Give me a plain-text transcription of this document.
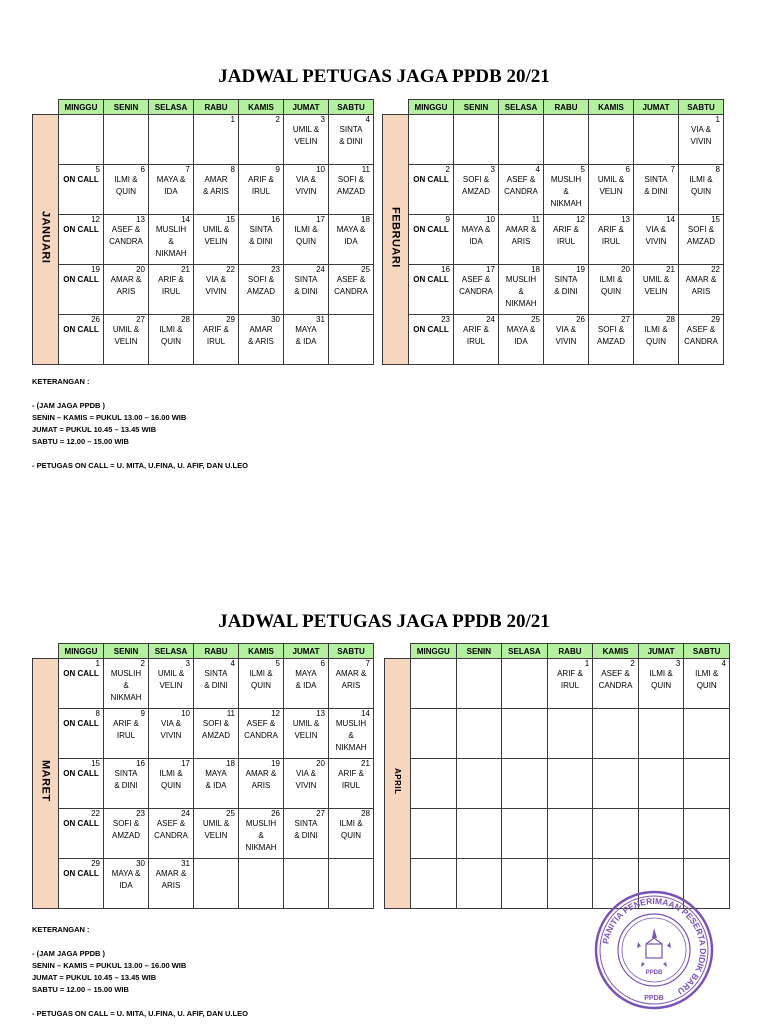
JADWAL PETUGAS JAGA PPDB 20/21
	MINGGU	SENIN	SELASA	RABU	KAMIS	JUMAT	SABTU
JANUARI				1	2	3
UMIL &
VELIN	4
SINTA
& DINI

	5
ON CALL	6
ILMI &
QUIN	7
MAYA &
IDA	8
AMAR
& ARIS	9
ARIF &
IRUL	10
VIA &
VIVIN	11
SOFI &
AMZAD

	12
ON CALL	13
ASEF &
CANDRA	14
MUSLIH
&
NIKMAH	15
UMIL &
VELIN	16
SINTA
& DINI	17
ILMI &
QUIN	18
MAYA &
IDA

	19
ON CALL	20
AMAR &
ARIS	21
ARIF &
IRUL	22
VIA &
VIVIN	23
SOFI &
AMZAD	24
SINTA
& DINI	25
ASEF &
CANDRA

	26
ON CALL	27
UMIL &
VELIN	28
ILMI &
QUIN	29
ARIF &
IRUL	30
AMAR
& ARIS	31
MAYA
& IDA	

	MINGGU	SENIN	SELASA	RABU	KAMIS	JUMAT	SABTU
FEBRUARI							1
VIA &
VIVIN

	2
ON CALL	3
SOFI &
AMZAD	4
ASEF &
CANDRA	5
MUSLIH
&
NIKMAH	6
UMIL &
VELIN	7
SINTA
& DINI	8
ILMI &
QUIN

	9
ON CALL	10
MAYA &
IDA	11
AMAR &
ARIS	12
ARIF &
IRUL	13
ARIF &
IRUL	14
VIA &
VIVIN	15
SOFI &
AMZAD

	16
ON CALL	17
ASEF &
CANDRA	18
MUSLIH
&
NIKMAH	19
SINTA
& DINI	20
ILMI &
QUIN	21
UMIL &
VELIN	22
AMAR &
ARIS

	23
ON CALL	24
ARIF &
IRUL	25
MAYA &
IDA	26
VIA &
VIVIN	27
SOFI &
AMZAD	28
ILMI &
QUIN	29
ASEF &
CANDRA
KETERANGAN :
- (JAM JAGA PPDB )
SENIN – KAMIS = PUKUL 13.00 – 16.00 WIB
JUMAT = PUKUL 10.45 – 13.45 WIB
SABTU = 12.00 – 15.00 WIB
- PETUGAS ON CALL = U. MITA, U.FINA, U. AFIF, DAN U.LEO
JADWAL PETUGAS JAGA PPDB 20/21
	MINGGU	SENIN	SELASA	RABU	KAMIS	JUMAT	SABTU
MARET	1
ON CALL	2
MUSLIH
&
NIKMAH	3
UMIL &
VELIN	4
SINTA
& DINI	5
ILMI &
QUIN	6
MAYA
& IDA	7
AMAR &
ARIS

	8
ON CALL	9
ARIF &
IRUL	10
VIA &
VIVIN	11
SOFI &
AMZAD	12
ASEF &
CANDRA	13
UMIL &
VELIN	14
MUSLIH
&
NIKMAH

	15
ON CALL	16
SINTA
& DINI	17
ILMI &
QUIN	18
MAYA
& IDA	19
AMAR &
ARIS	20
VIA &
VIVIN	21
ARIF &
IRUL

	22
ON CALL	23
SOFI &
AMZAD	24
ASEF &
CANDRA	25
UMIL &
VELIN	26
MUSLIH
&
NIKMAH	27
SINTA
& DINI	28
ILMI &
QUIN

	29
ON CALL	30
MAYA &
IDA	31
AMAR &
ARIS				

	MINGGU	SENIN	SELASA	RABU	KAMIS	JUMAT	SABTU
APRIL				1
ARIF &
IRUL	2
ASEF &
CANDRA	3
ILMI &
QUIN	4
ILMI &
QUIN

KETERANGAN :
- (JAM JAGA PPDB )
SENIN – KAMIS = PUKUL 13.00 – 16.00 WIB
JUMAT = PUKUL 10.45 – 13.45 WIB
SABTU = 12.00 – 15.00 WIB
- PETUGAS ON CALL = U. MITA, U.FINA, U. AFIF, DAN U.LEO
PANITIA PENERIMAAN PESERTA DIDIK BARU
PPDB
PPDB
